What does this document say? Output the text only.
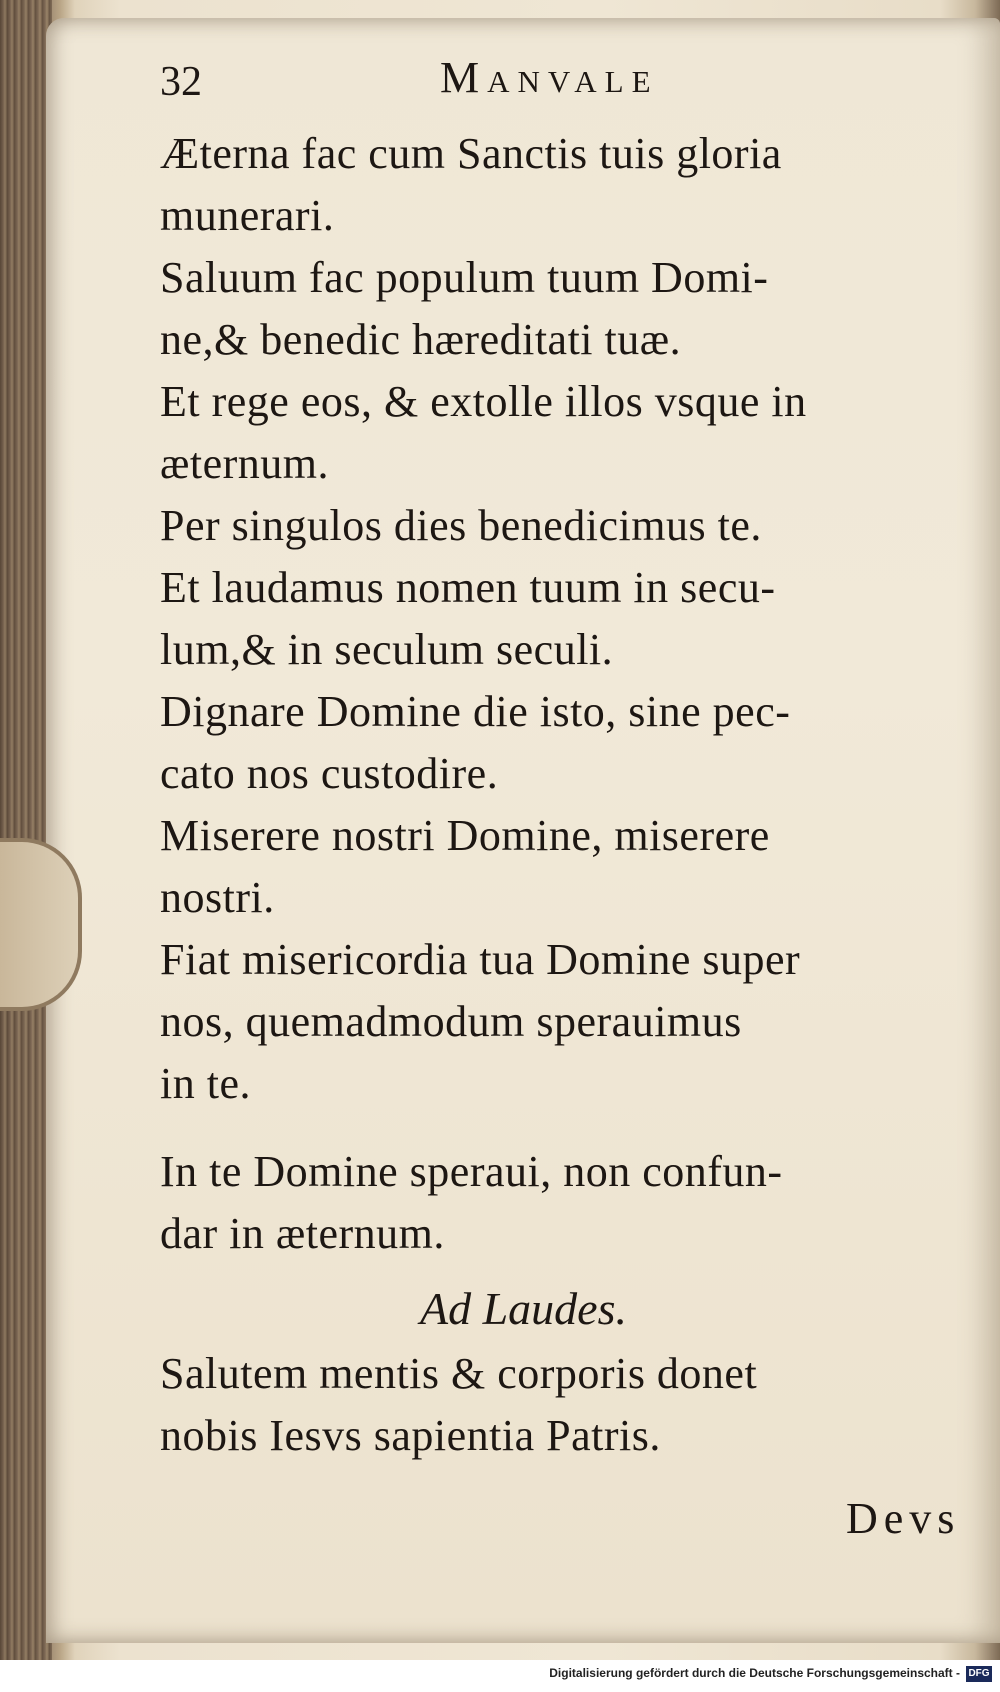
32	Manvale
Æterna fac cum Sanctis tuis gloria
munerari.
Saluum fac populum tuum Domi-
ne,& benedic hæreditati tuæ.
Et rege eos, & extolle illos vsque in
æternum.
Per singulos dies benedicimus te.
Et laudamus nomen tuum in secu-
lum,& in seculum seculi.
Dignare Domine die isto, sine pec-
cato nos custodire.
Miserere nostri Domine, miserere
nostri.
Fiat misericordia tua Domine super
nos, quemadmodum sperauimus
in te.
In te Domine speraui, non confun-
dar in æternum.
Salutem mentis & corporis donet
nobis Iesvs sapientia Patris.
Ad Laudes.
Devs
Digitalisierung gefördert durch die Deutsche Forschungsgemeinschaft - DFG
